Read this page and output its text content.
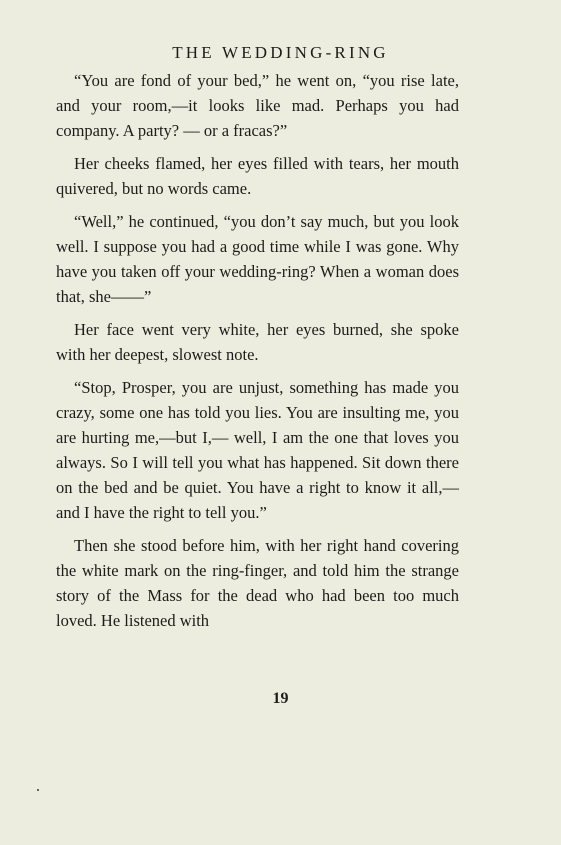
THE WEDDING-RING

“You are fond of your bed,” he went on, “you rise late, and your room,—it looks like mad. Perhaps you had company. A party? — or a fracas?”

Her cheeks flamed, her eyes filled with tears, her mouth quivered, but no words came.

“Well,” he continued, “you don’t say much, but you look well. I suppose you had a good time while I was gone. Why have you taken off your wedding-ring? When a woman does that, she——”

Her face went very white, her eyes burned, she spoke with her deepest, slowest note.

“Stop, Prosper, you are unjust, something has made you crazy, some one has told you lies. You are insulting me, you are hurting me,—but I,— well, I am the one that loves you always. So I will tell you what has happened. Sit down there on the bed and be quiet. You have a right to know it all,—and I have the right to tell you.”

Then she stood before him, with her right hand covering the white mark on the ring-finger, and told him the strange story of the Mass for the dead who had been too much loved. He listened with

19
